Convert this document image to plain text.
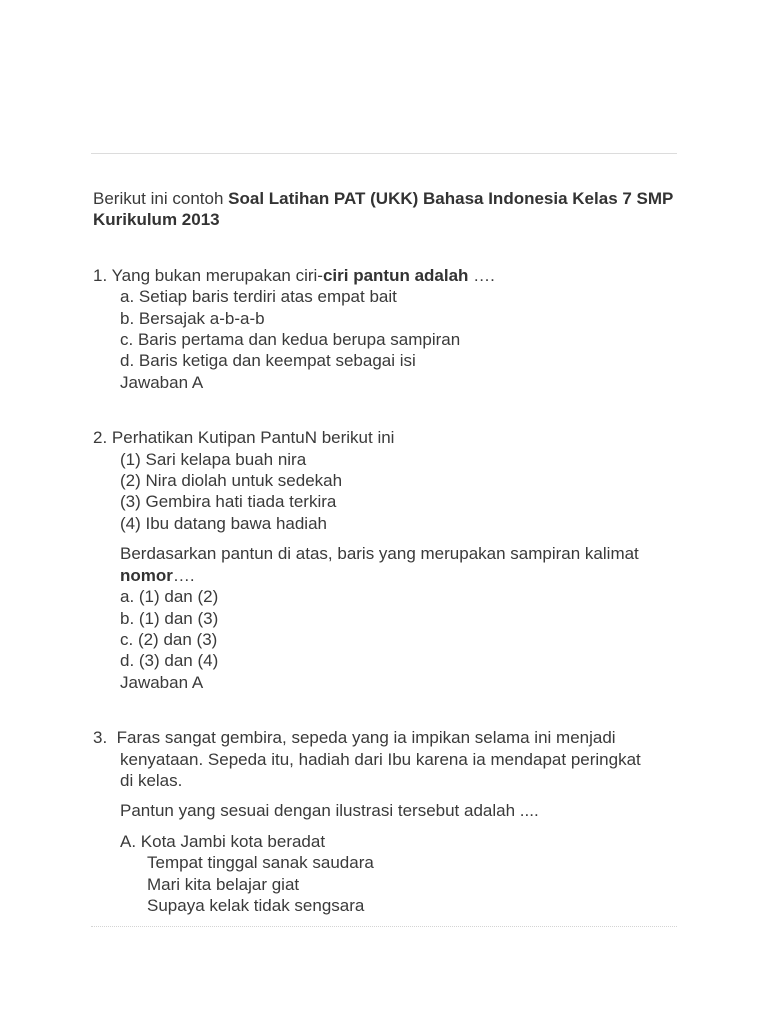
Berikut ini contoh Soal Latihan PAT (UKK) Bahasa Indonesia Kelas 7 SMP Kurikulum 2013

1. Yang bukan merupakan ciri-ciri pantun adalah ….

a. Setiap baris terdiri atas empat bait

b. Bersajak a-b-a-b

c. Baris pertama dan kedua berupa sampiran

d. Baris ketiga dan keempat sebagai isi

Jawaban A

2. Perhatikan Kutipan PantuN berikut ini

(1) Sari kelapa buah nira

(2) Nira diolah untuk sedekah

(3) Gembira hati tiada terkira

(4) Ibu datang bawa hadiah

Berdasarkan pantun di atas, baris yang merupakan sampiran kalimat nomor….

a. (1) dan (2)

b. (1) dan (3)

c. (2) dan (3)

d. (3) dan (4)

Jawaban A

3. Faras sangat gembira, sepeda yang ia impikan selama ini menjadi

kenyataan. Sepeda itu, hadiah dari Ibu karena ia mendapat peringkat

di kelas.

Pantun yang sesuai dengan ilustrasi tersebut adalah ....

A. Kota Jambi kota beradat

Tempat tinggal sanak saudara

Mari kita belajar giat

Supaya kelak tidak sengsara
